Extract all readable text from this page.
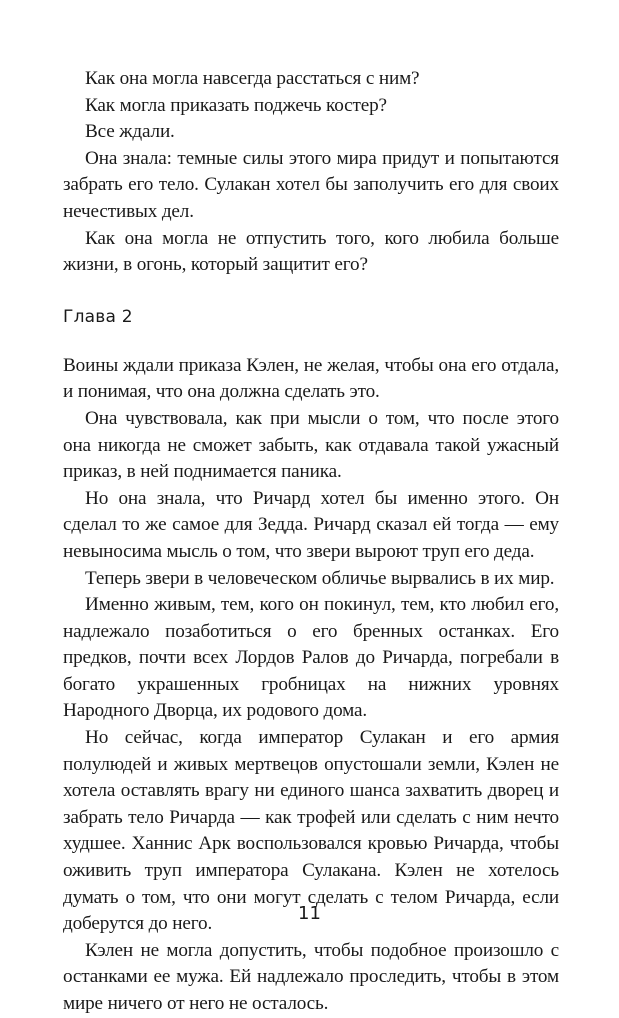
Как она могла навсегда расстаться с ним?

Как могла приказать поджечь костер?

Все ждали.

Она знала: темные силы этого мира придут и попытаются забрать его тело. Сулакан хотел бы заполучить его для своих нечестивых дел.

Как она могла не отпустить того, кого любила больше жизни, в огонь, который защитит его?

Глава 2

Воины ждали приказа Кэлен, не желая, чтобы она его отдала, и понимая, что она должна сделать это.

Она чувствовала, как при мысли о том, что после этого она никогда не сможет забыть, как отдавала такой ужасный приказ, в ней поднимается паника.

Но она знала, что Ричард хотел бы именно этого. Он сделал то же самое для Зедда. Ричард сказал ей тогда — ему невыносима мысль о том, что звери выроют труп его деда.

Теперь звери в человеческом обличье вырвались в их мир.

Именно живым, тем, кого он покинул, тем, кто любил его, надлежало позаботиться о его бренных останках. Его предков, почти всех Лордов Ралов до Ричарда, погребали в богато украшенных гробницах на нижних уровнях Народного Дворца, их родового дома.

Но сейчас, когда император Сулакан и его армия полулюдей и живых мертвецов опустошали земли, Кэлен не хотела оставлять врагу ни единого шанса захватить дворец и забрать тело Ричарда — как трофей или сделать с ним нечто худшее. Ханнис Арк воспользовался кровью Ричарда, чтобы оживить труп императора Сулакана. Кэлен не хотелось думать о том, что они могут сделать с телом Ричарда, если доберутся до него.

Кэлен не могла допустить, чтобы подобное произошло с останками ее мужа. Ей надлежало проследить, чтобы в этом мире ничего от него не осталось.

11
